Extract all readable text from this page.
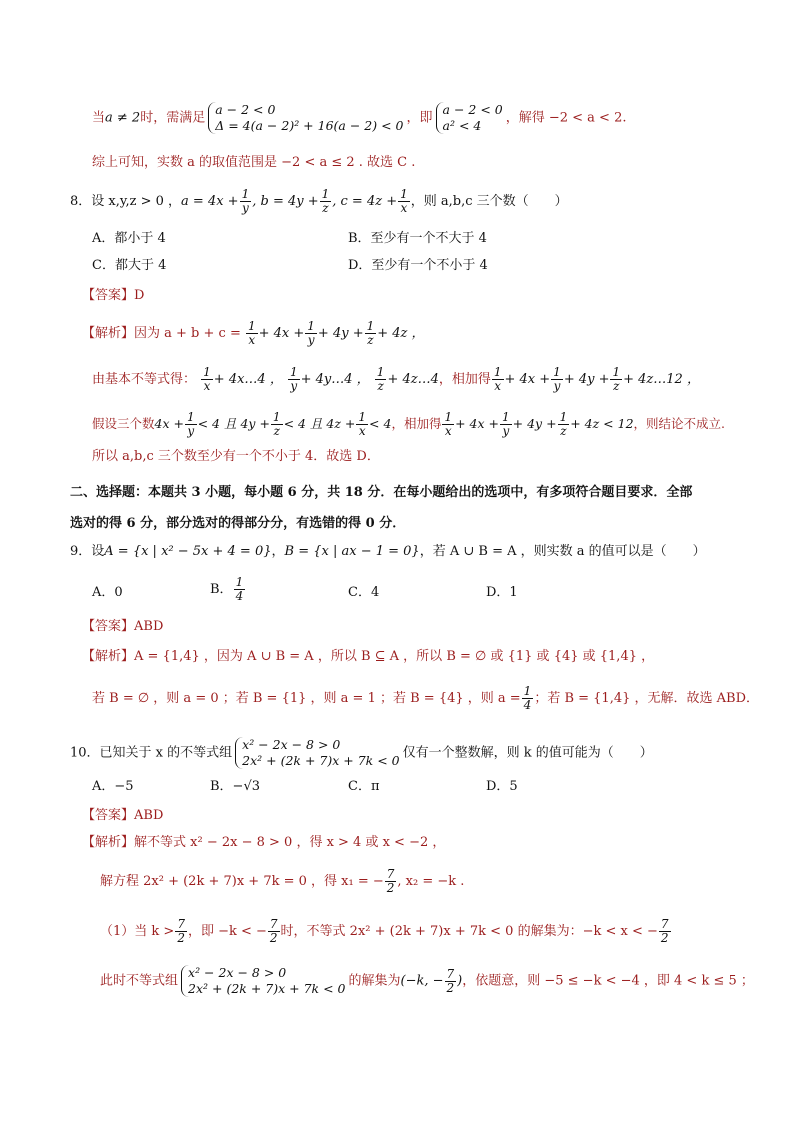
当a ≠ 2时，需满足
a − 2 < 0
Δ = 4(a − 2)² + 16(a − 2) < 0 ，即
a − 2 < 0
a² < 4	，解得 −2 < a < 2.
综上可知，实数 a 的取值范围是 −2 < a ≤ 2 . 故选 C .
8．设 x,y,z > 0 ，$a = 4x + \frac{1}{y}$ , $b = 4y + \frac{1}{z}$ , $c = 4z + \frac{1}{x}$ ，则 a,b,c 三个数（　　）
A．都小于 4	B．至少有一个不大于 4
C．都大于 4	D．至少有一个不小于 4
【答案】D
【解析】因为 $a + b + c = \frac{1}{x} + 4x + \frac{1}{y} + 4y + \frac{1}{z} + 4z$ ，
由基本不等式得： $\frac{1}{x}$ + 4x…4 ， $\frac{1}{y}$ + 4y…4 ， $\frac{1}{z}$ + 4z…4，相加得 $\frac{1}{x} + 4x + \frac{1}{y} + 4y + \frac{1}{z}$ + 4z…12 ，
假设三个数$4x + \frac{1}{y} < 4$ 且 $4y + \frac{1}{z} < 4$ 且 $4z + \frac{1}{x} < 4$，相加得 $\frac{1}{x} + 4x + \frac{1}{y} + 4y + \frac{1}{z} + 4z < 12$，则结论不成立.
所以 a,b,c 三个数至少有一个不小于 4．故选 D．
二、选择题：本题共 3 小题，每小题 6 分，共 18 分．在每小题给出的选项中，有多项符合题目要求．全部
选对的得 6 分，部分选对的得部分分，有选错的得 0 分．
9．设A = {x | x² − 5x + 4 = 0}，B = {x | ax − 1 = 0}，若 A ∪ B = A ，则实数 a 的值可以是（　　）
A．0	B． $\frac{1}{4}$	C．4	D．1
【答案】ABD
【解析】A = {1,4} ，因为 A ∪ B = A ，所以 B ⊆ A ，所以 B = ∅ 或 {1} 或 {4} 或 {1,4} ，
若 B = ∅ ，则 a = 0 ；若 B = {1} ，则 a = 1 ；若 B = {4} ，则 $a = \frac{1}{4}$ ；若 B = {1,4} ，无解．故选 ABD．
10．已知关于 x 的不等式组
x² − 2x − 8 > 0
2x² + (2k + 7)x + 7k < 0 仅有一个整数解，则 k 的值可能为（　　）
A．−5	B．−√3	C．π	D．5
【答案】ABD
【解析】解不等式 x² − 2x − 8 > 0 ，得 x > 4 或 x < −2 ，
解方程 2x² + (2k + 7)x + 7k = 0 ，得 x₁ = − $\frac{7}{2}$ , x₂ = −k .
（1）当 $k > \frac{7}{2}$ ，即 −k < − $\frac{7}{2}$ 时，不等式 2x² + (2k + 7)x + 7k < 0 的解集为：−k < x < − $\frac{7}{2}$
此时不等式组
x² − 2x − 8 > 0
2x² + (2k + 7)x + 7k < 0 的解集为(−k, − $\frac{7}{2}$ )，依题意，则 −5 ≤ −k < −4 ，即 4 < k ≤ 5 ；
